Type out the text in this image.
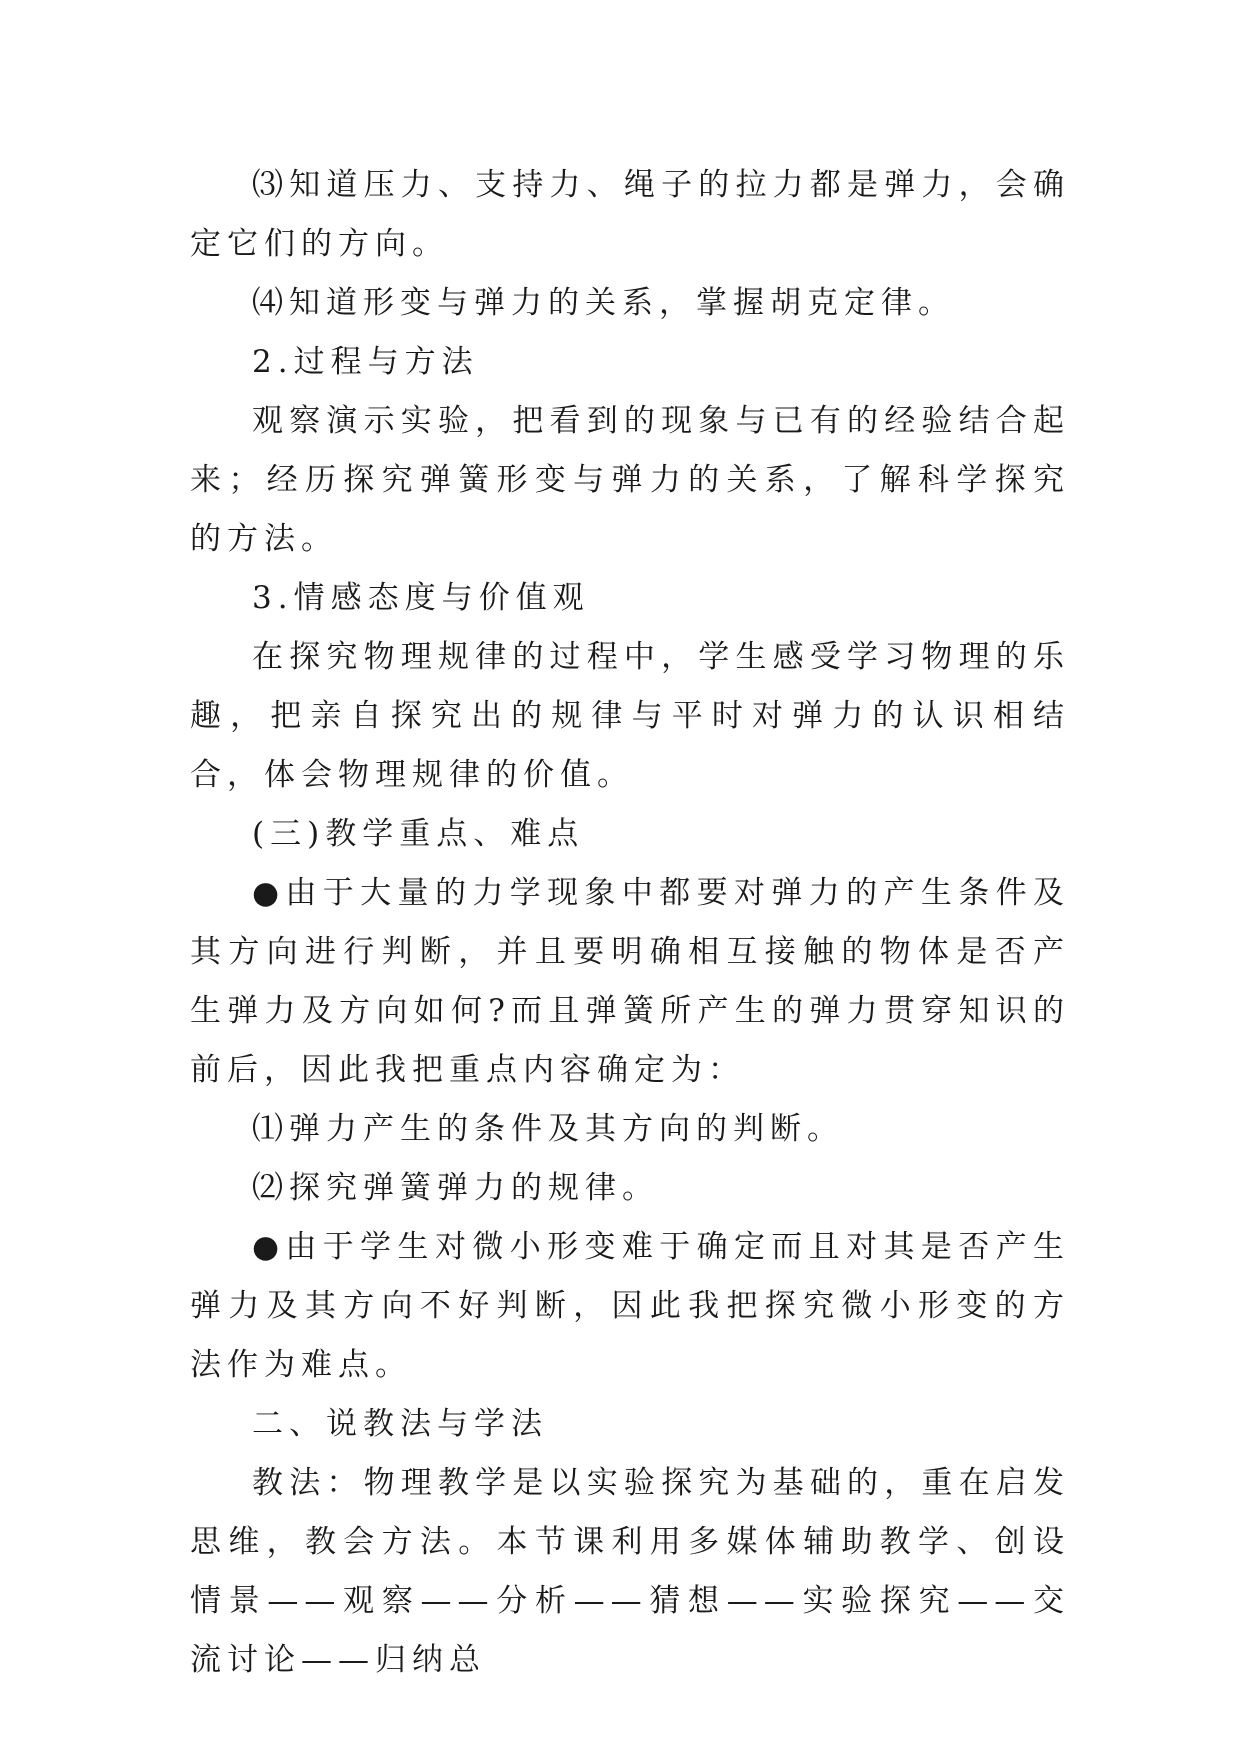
⑶知道压力、支持力、绳子的拉力都是弹力，会确定它们的方向。

⑷知道形变与弹力的关系，掌握胡克定律。

2.过程与方法

观察演示实验，把看到的现象与已有的经验结合起来；经历探究弹簧形变与弹力的关系，了解科学探究的方法。

3.情感态度与价值观

在探究物理规律的过程中，学生感受学习物理的乐趣，把亲自探究出的规律与平时对弹力的认识相结合，体会物理规律的价值。

(三)教学重点、难点

●由于大量的力学现象中都要对弹力的产生条件及其方向进行判断，并且要明确相互接触的物体是否产生弹力及方向如何?而且弹簧所产生的弹力贯穿知识的前后，因此我把重点内容确定为：

⑴弹力产生的条件及其方向的判断。

⑵探究弹簧弹力的规律。

●由于学生对微小形变难于确定而且对其是否产生弹力及其方向不好判断，因此我把探究微小形变的方法作为难点。

二、说教法与学法

教法：物理教学是以实验探究为基础的，重在启发思维，教会方法。本节课利用多媒体辅助教学、创设情景——观察——分析——猜想——实验探究——交流讨论——归纳总
